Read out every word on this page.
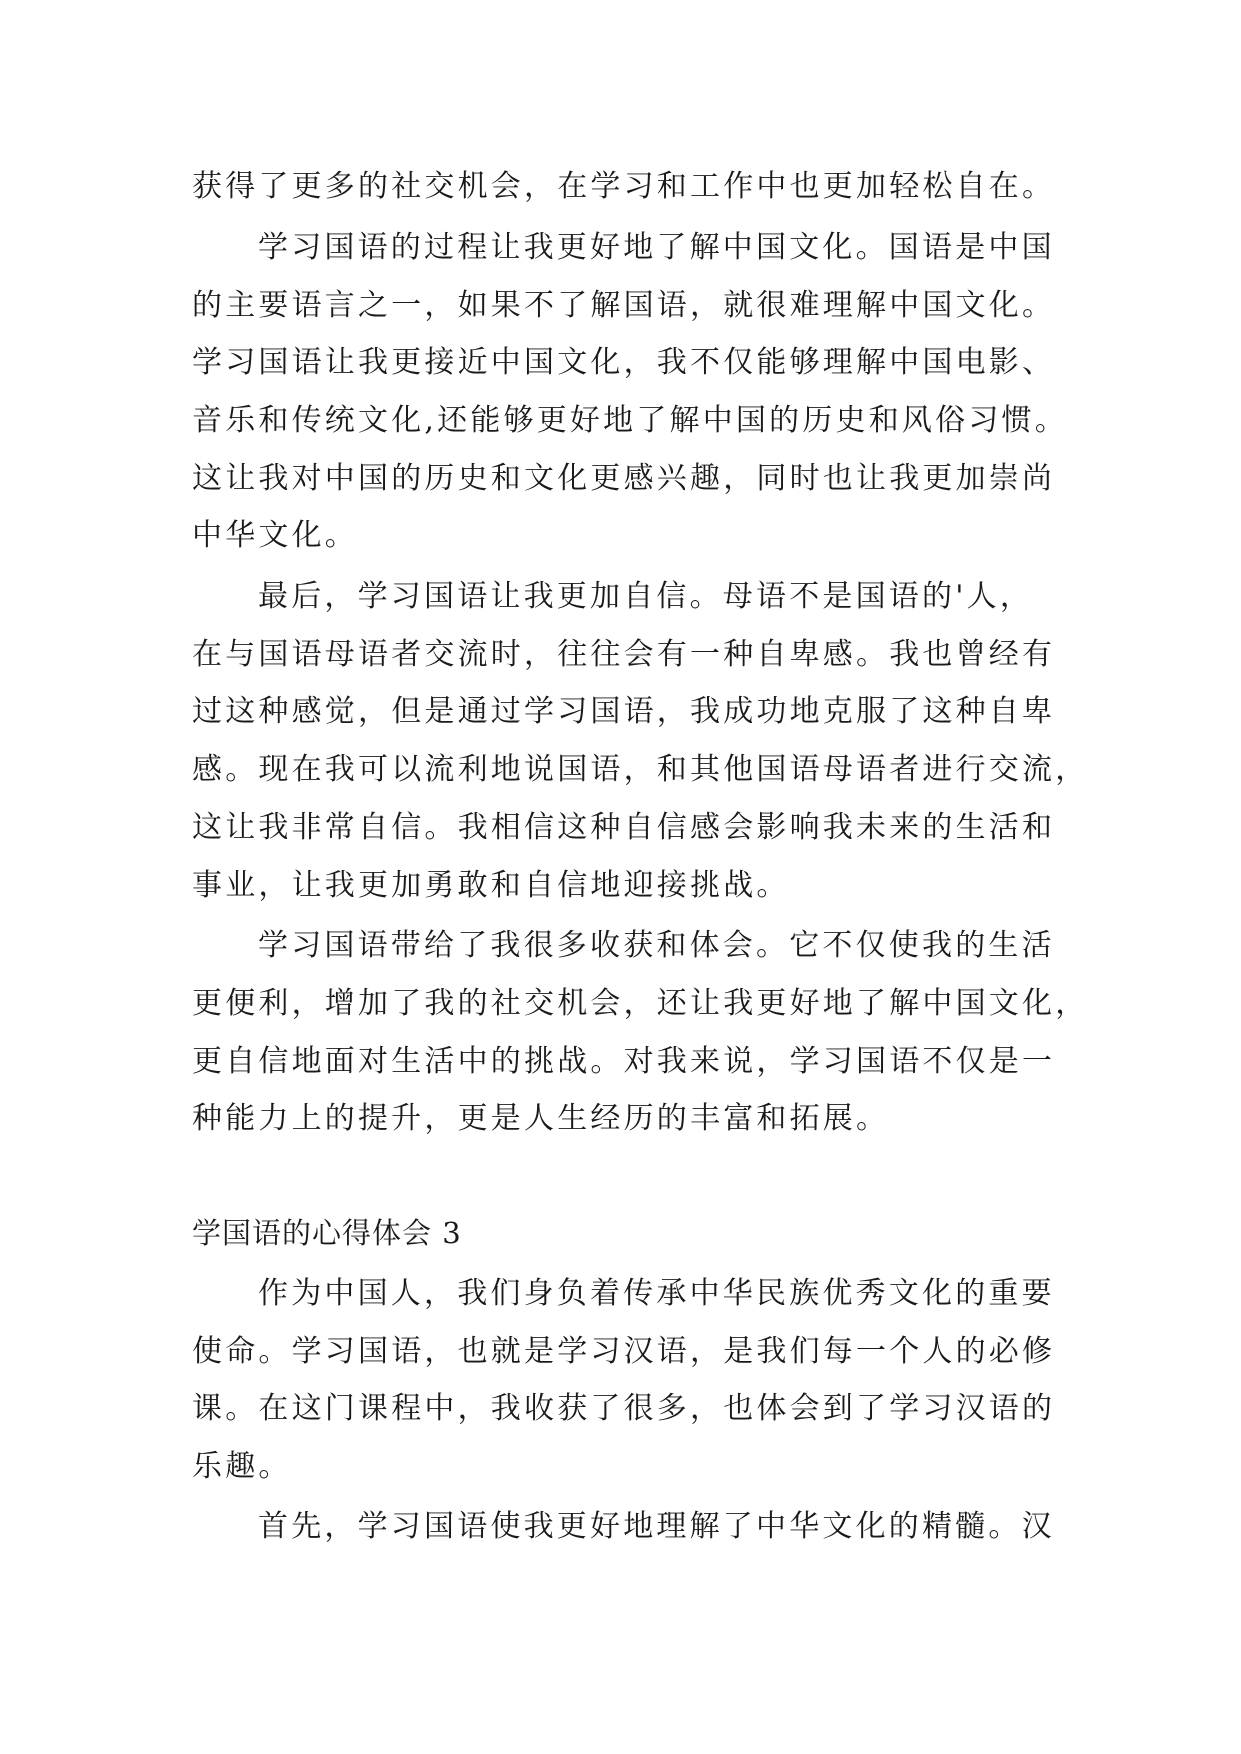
获得了更多的社交机会，在学习和工作中也更加轻松自在。
学习国语的过程让我更好地了解中国文化。国语是中国
的主要语言之一，如果不了解国语，就很难理解中国文化。
学习国语让我更接近中国文化，我不仅能够理解中国电影、
音乐和传统文化,还能够更好地了解中国的历史和风俗习惯。
这让我对中国的历史和文化更感兴趣，同时也让我更加崇尚
中华文化。
最后，学习国语让我更加自信。母语不是国语的'人，
在与国语母语者交流时，往往会有一种自卑感。我也曾经有
过这种感觉，但是通过学习国语，我成功地克服了这种自卑
感。现在我可以流利地说国语，和其他国语母语者进行交流，
这让我非常自信。我相信这种自信感会影响我未来的生活和
事业，让我更加勇敢和自信地迎接挑战。
学习国语带给了我很多收获和体会。它不仅使我的生活
更便利，增加了我的社交机会，还让我更好地了解中国文化，
更自信地面对生活中的挑战。对我来说，学习国语不仅是一
种能力上的提升，更是人生经历的丰富和拓展。
学国语的心得体会 3
作为中国人，我们身负着传承中华民族优秀文化的重要
使命。学习国语，也就是学习汉语，是我们每一个人的必修
课。在这门课程中，我收获了很多，也体会到了学习汉语的
乐趣。
首先，学习国语使我更好地理解了中华文化的精髓。汉
